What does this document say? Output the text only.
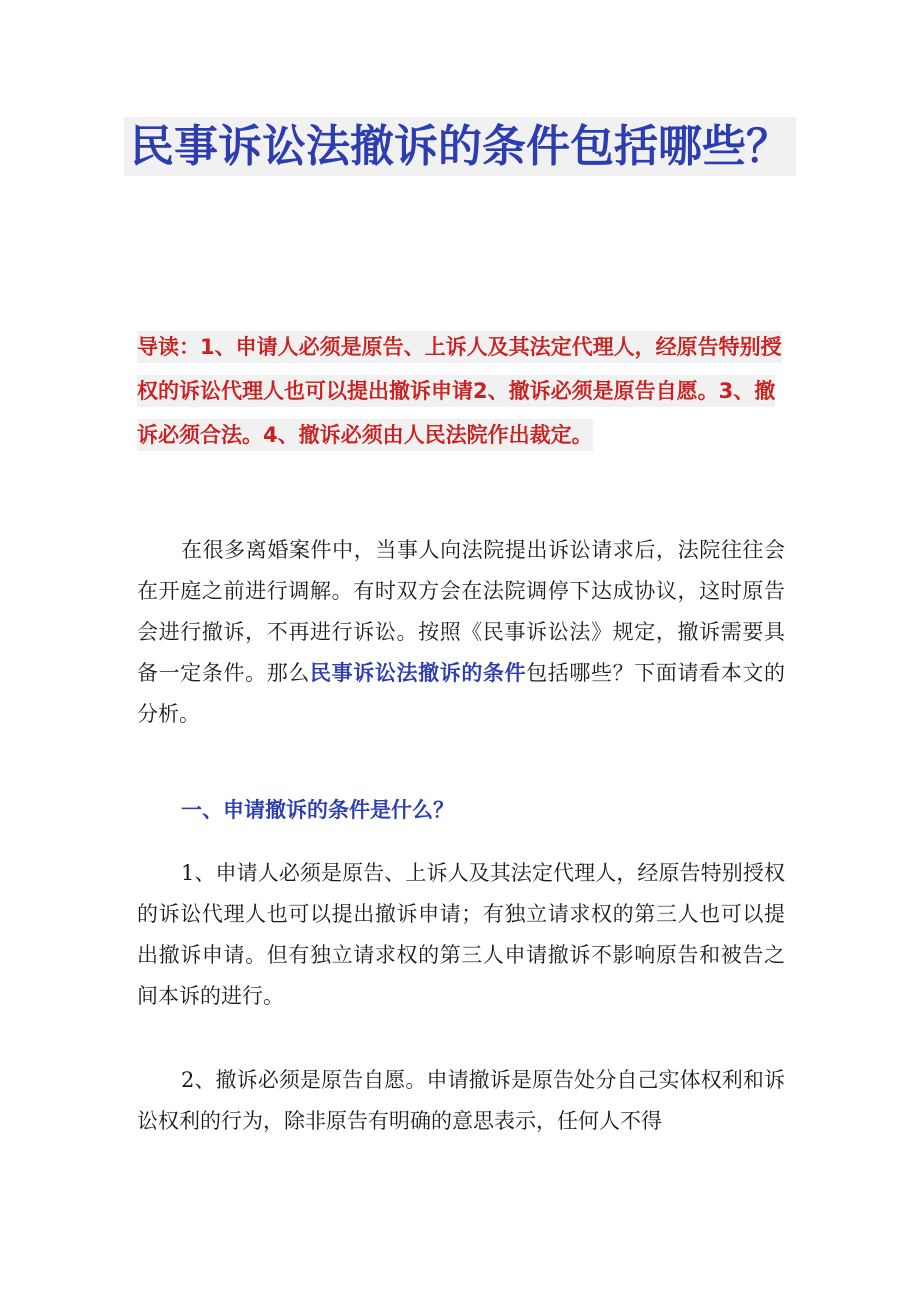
民事诉讼法撤诉的条件包括哪些？

导读：1、申请人必须是原告、上诉人及其法定代理人，经原告特别授权的诉讼代理人也可以提出撤诉申请2、撤诉必须是原告自愿。3、撤诉必须合法。4、撤诉必须由人民法院作出裁定。

在很多离婚案件中，当事人向法院提出诉讼请求后，法院往往会在开庭之前进行调解。有时双方会在法院调停下达成协议，这时原告会进行撤诉，不再进行诉讼。按照《民事诉讼法》规定，撤诉需要具备一定条件。那么民事诉讼法撤诉的条件包括哪些？下面请看本文的分析。

一、申请撤诉的条件是什么？

1、申请人必须是原告、上诉人及其法定代理人，经原告特别授权的诉讼代理人也可以提出撤诉申请；有独立请求权的第三人也可以提出撤诉申请。但有独立请求权的第三人申请撤诉不影响原告和被告之间本诉的进行。

2、撤诉必须是原告自愿。申请撤诉是原告处分自己实体权利和诉讼权利的行为，除非原告有明确的意思表示，任何人不得
